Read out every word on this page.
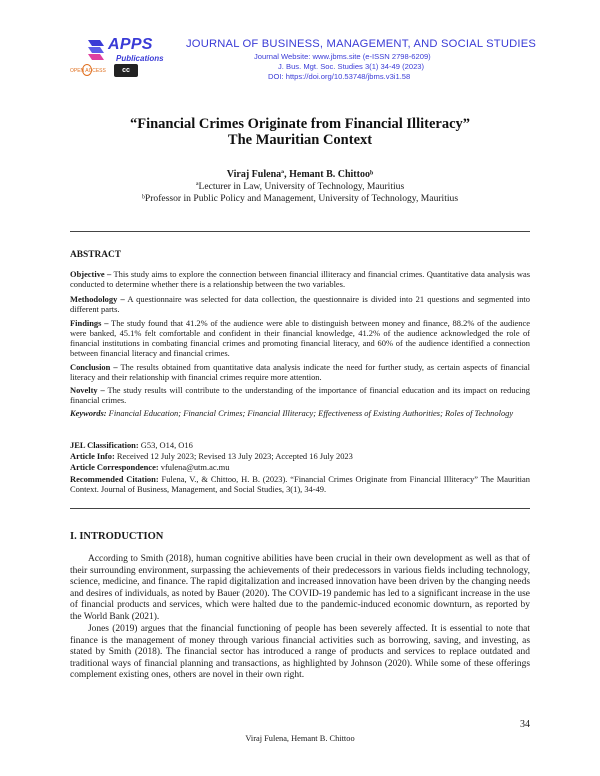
APPS
Publications
OPEN ACCESS	cc
JOURNAL OF BUSINESS, MANAGEMENT, AND SOCIAL STUDIES
Journal Website: www.jbms.site (e-ISSN 2798-6209)
J. Bus. Mgt. Soc. Studies 3(1) 34-49 (2023)
DOI: https://doi.org/10.53748/jbms.v3i1.58
“Financial Crimes Originate from Financial Illiteracy”
The Mauritian Context
Viraj Fulenaª, Hemant B. Chittooᵇ
ªLecturer in Law, University of Technology, Mauritius
ᵇProfessor in Public Policy and Management, University of Technology, Mauritius
ABSTRACT
Objective – This study aims to explore the connection between financial illiteracy and financial crimes. Quantitative data analysis was conducted to determine whether there is a relationship between the two variables.
Methodology – A questionnaire was selected for data collection, the questionnaire is divided into 21 questions and segmented into different parts.
Findings – The study found that 41.2% of the audience were able to distinguish between money and finance, 88.2% of the audience were banked, 45.1% felt comfortable and confident in their financial knowledge, 41.2% of the audience acknowledged the role of financial institutions in combating financial crimes and promoting financial literacy, and 60% of the audience identified a connection between financial literacy and financial crimes.
Conclusion – The results obtained from quantitative data analysis indicate the need for further study, as certain aspects of financial literacy and their relationship with financial crimes require more attention.
Novelty – The study results will contribute to the understanding of the importance of financial education and its impact on reducing financial crimes.
Keywords: Financial Education; Financial Crimes; Financial Illiteracy; Effectiveness of Existing Authorities; Roles of Technology
JEL Classification: G53, O14, O16
Article Info: Received 12 July 2023; Revised 13 July 2023; Accepted 16 July 2023
Article Correspondence: vfulena@utm.ac.mu
Recommended Citation: Fulena, V., & Chittoo, H. B. (2023). “Financial Crimes Originate from Financial Illiteracy” The Mauritian Context. Journal of Business, Management, and Social Studies, 3(1), 34-49.
I. INTRODUCTION
According to Smith (2018), human cognitive abilities have been crucial in their own development as well as that of their surrounding environment, surpassing the achievements of their predecessors in various fields including technology, science, medicine, and finance. The rapid digitalization and increased innovation have been driven by the changing needs and desires of individuals, as noted by Bauer (2020). The COVID-19 pandemic has led to a significant increase in the use of financial products and services, which were halted due to the pandemic-induced economic downturn, as reported by the World Bank (2021).
Jones (2019) argues that the financial functioning of people has been severely affected. It is essential to note that finance is the management of money through various financial activities such as borrowing, saving, and investing, as stated by Smith (2018). The financial sector has introduced a range of products and services to replace outdated and traditional ways of financial planning and transactions, as highlighted by Johnson (2020). While some of these offerings complement existing ones, others are novel in their own right.
34
Viraj Fulena, Hemant B. Chittoo
